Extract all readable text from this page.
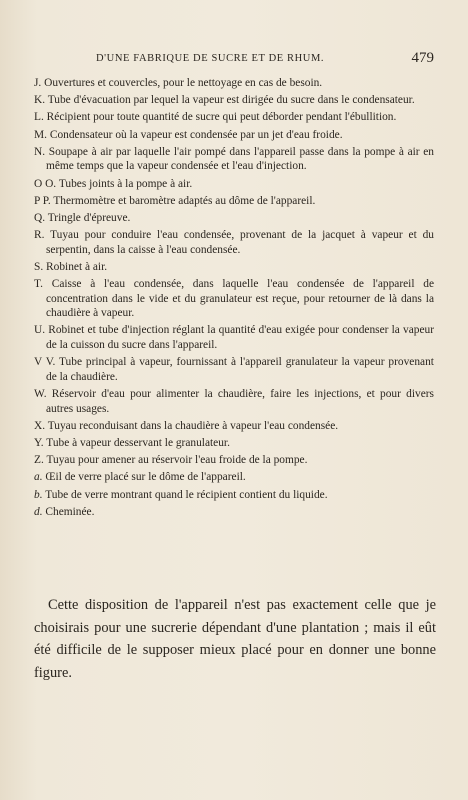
D'UNE FABRIQUE DE SUCRE ET DE RHUM.	479

J. Ouvertures et couvercles, pour le nettoyage en cas de besoin.

K. Tube d'évacuation par lequel la vapeur est dirigée du sucre dans le condensateur.

L. Récipient pour toute quantité de sucre qui peut déborder pendant l'ébullition.

M. Condensateur où la vapeur est condensée par un jet d'eau froide.

N. Soupape à air par laquelle l'air pompé dans l'appareil passe dans la pompe à air en même temps que la vapeur condensée et l'eau d'injection.

O O. Tubes joints à la pompe à air.

P P. Thermomètre et baromètre adaptés au dôme de l'appareil.

Q. Tringle d'épreuve.

R. Tuyau pour conduire l'eau condensée, provenant de la jacquet à vapeur et du serpentin, dans la caisse à l'eau condensée.

S. Robinet à air.

T. Caisse à l'eau condensée, dans laquelle l'eau condensée de l'appareil de concentration dans le vide et du granulateur est reçue, pour retourner de là dans la chaudière à vapeur.

U. Robinet et tube d'injection réglant la quantité d'eau exigée pour condenser la vapeur de la cuisson du sucre dans l'appareil.

V V. Tube principal à vapeur, fournissant à l'appareil granulateur la vapeur provenant de la chaudière.

W. Réservoir d'eau pour alimenter la chaudière, faire les injections, et pour divers autres usages.

X. Tuyau reconduisant dans la chaudière à vapeur l'eau condensée.

Y. Tube à vapeur desservant le granulateur.

Z. Tuyau pour amener au réservoir l'eau froide de la pompe.

a. Œil de verre placé sur le dôme de l'appareil.

b. Tube de verre montrant quand le récipient contient du liquide.

d. Cheminée.

Cette disposition de l'appareil n'est pas exactement celle que je choisirais pour une sucrerie dépendant d'une plantation ; mais il eût été difficile de le supposer mieux placé pour en donner une bonne figure.
